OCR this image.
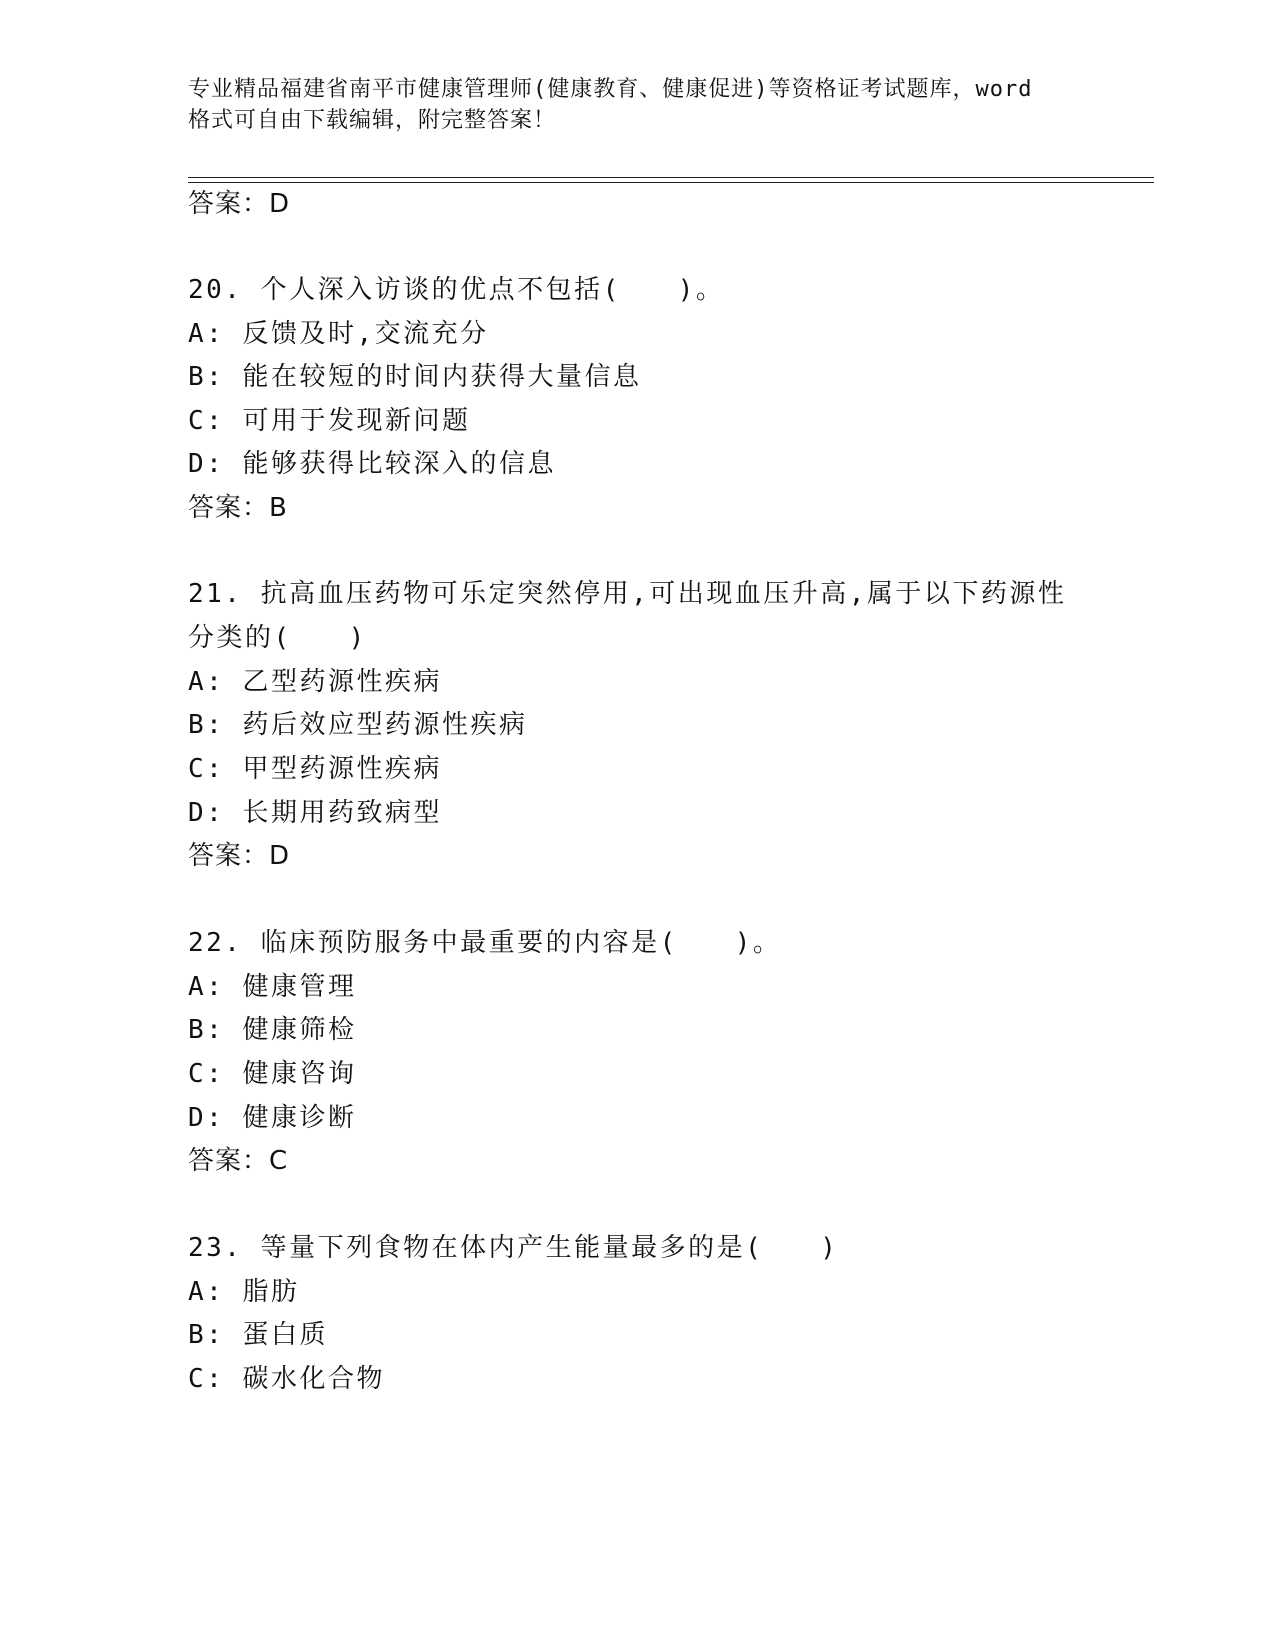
专业精品福建省南平市健康管理师(健康教育、健康促进)等资格证考试题库，word
格式可自由下载编辑，附完整答案！
答案：D
20. 个人深入访谈的优点不包括(　　)。
A: 反馈及时,交流充分
B: 能在较短的时间内获得大量信息
C: 可用于发现新问题
D: 能够获得比较深入的信息
答案：B
21. 抗高血压药物可乐定突然停用,可出现血压升高,属于以下药源性
分类的(　　)
A: 乙型药源性疾病
B: 药后效应型药源性疾病
C: 甲型药源性疾病
D: 长期用药致病型
答案：D
22. 临床预防服务中最重要的内容是(　　)。
A: 健康管理
B: 健康筛检
C: 健康咨询
D: 健康诊断
答案：C
23. 等量下列食物在体内产生能量最多的是(　　)
A: 脂肪
B: 蛋白质
C: 碳水化合物
